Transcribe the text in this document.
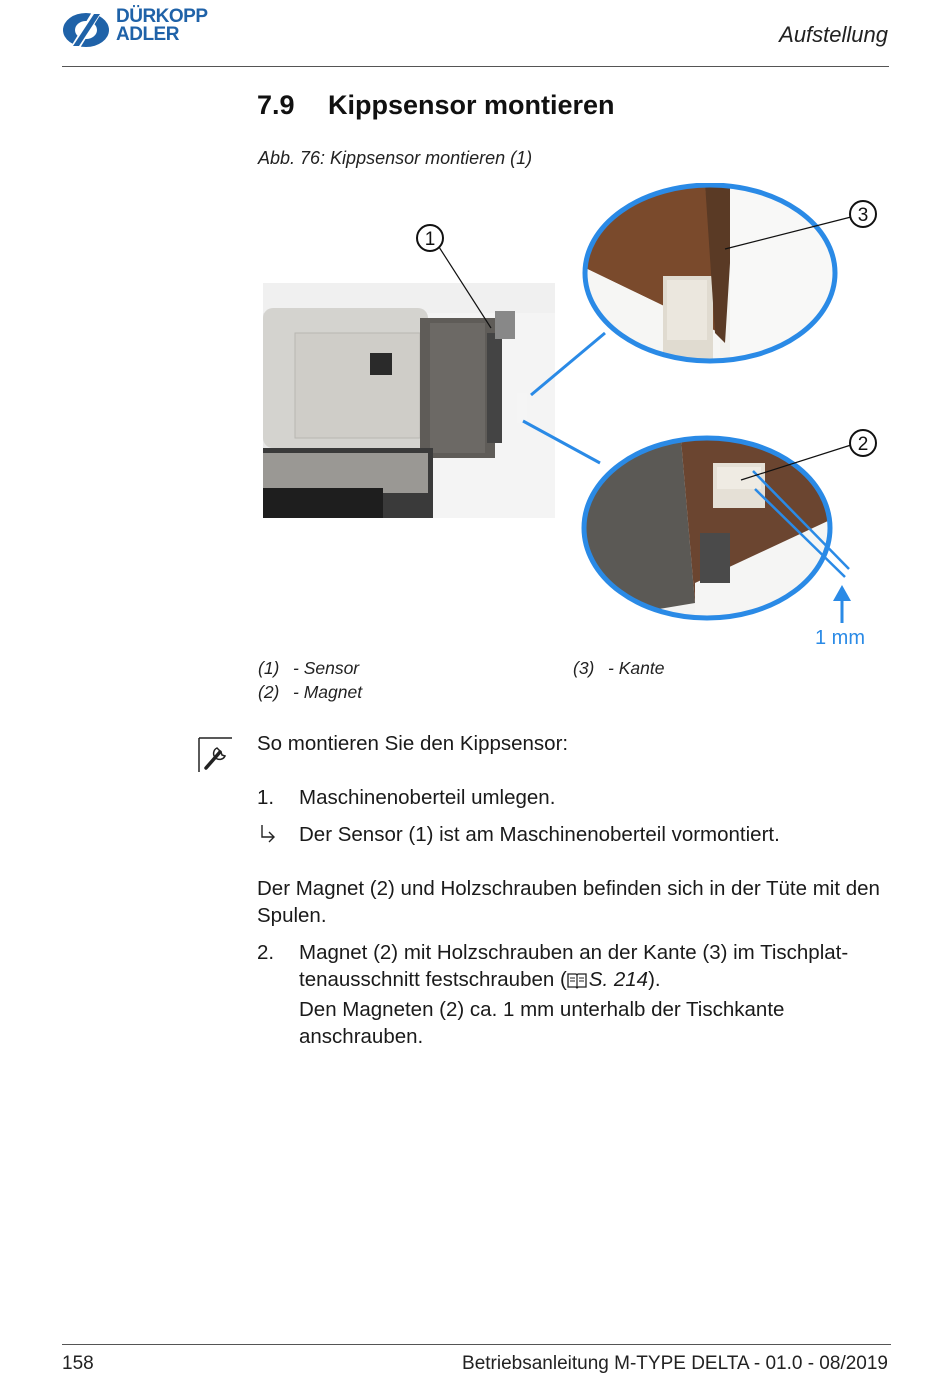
DÜRKOPP
ADLER	Aufstellung
7.9 Kippsensor montieren
Abb. 76: Kippsensor montieren (1)
1
3
2
1 mm
(1) - Sensor
(2) - Magnet
(3) - Kante
So montieren Sie den Kippsensor:
1.	Maschinenoberteil umlegen.
Der Sensor (1) ist am Maschinenoberteil vormontiert.
Der Magnet (2) und Holzschrauben befinden sich in der Tüte mit den Spulen.
2.	Magnet (2) mit Holzschrauben an der Kante (3) im Tischplat-
tenausschnitt festschrauben ( S. 214).
Den Magneten (2) ca. 1 mm unterhalb der Tischkante
anschrauben.
158	Betriebsanleitung M-TYPE DELTA - 01.0 - 08/2019
